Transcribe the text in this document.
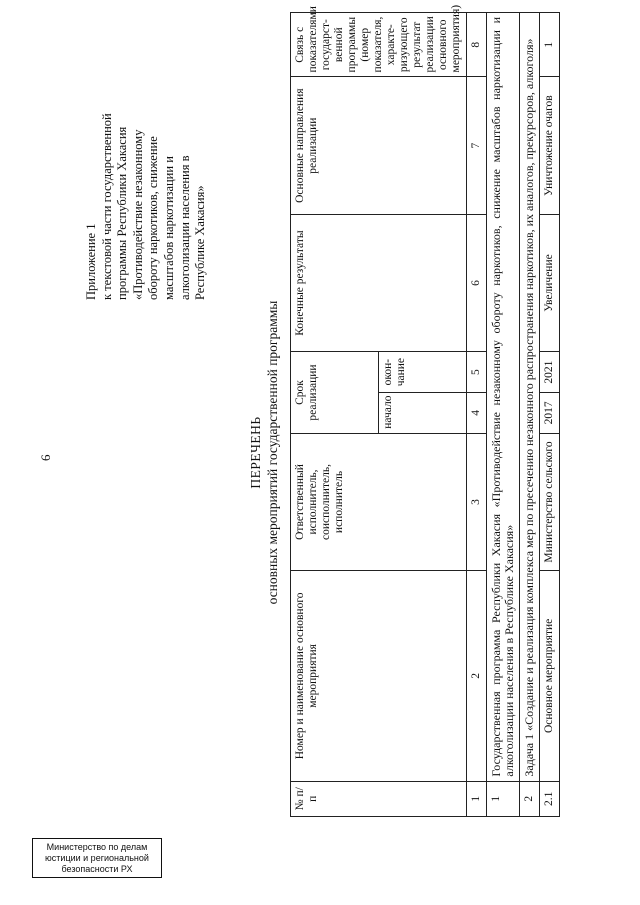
6
Приложение 1 к текстовой части государственной программы Республики Хакасия «Противодействие незаконному обороту наркотиков, снижение масштабов наркотизации и алкоголизации населения в Республике Хакасия»
ПЕРЕЧЕНЬ основных мероприятий государственной программы
№ п/п	Номер и наименование основного мероприятия	Ответственный исполнитель, соисполнитель, исполнитель	Срок реализации		Конечные результаты	Основные направления реализации	Связь с показателями государст-венной программы (номер показателя, характе-ризующего результат реализации основного мероприятия)
			начало	окон-чание			
1	2	3	4	5	6	7	8
1	Государственная программа Республики Хакасия «Противодействие незаконному обороту наркотиков, снижение масштабов наркотизации и алкоголизации населения в Республике Хакасия»						
2	Задача 1 «Создание и реализация комплекса мер по пресечению незаконного распространения наркотиков, их аналогов, прекурсоров, алкоголя»						
2.1	Основное мероприятие	Министерство сельского	2017	2021	Увеличение	Уничтожение очагов	1
Министерство по делам
юстиции и региональной
безопасности РХ
